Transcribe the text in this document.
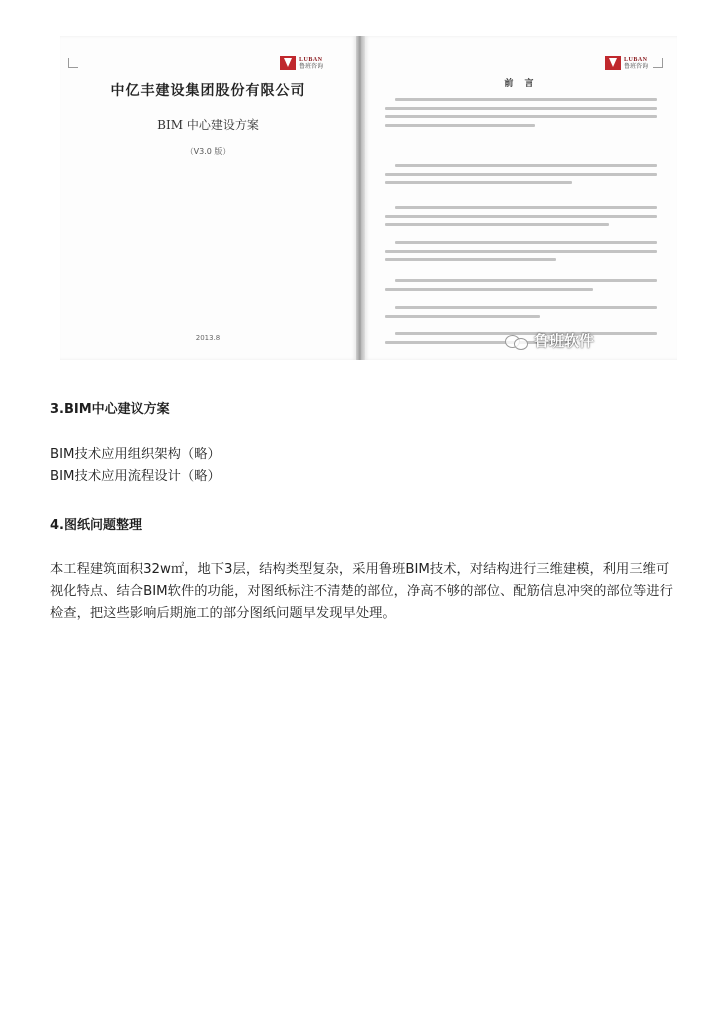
LUBAN
鲁班咨询
中亿丰建设集团股份有限公司
BIM 中心建设方案
（V3.0 版）
2013.8
LUBAN
鲁班咨询
前 言
鲁班软件
3.BIM中心建议方案
BIM技术应用组织架构（略）
BIM技术应用流程设计（略）
4.图纸问题整理
本工程建筑面积32w㎡，地下3层，结构类型复杂，采用鲁班BIM技术，对结构进行三维建模，利用三维可视化特点、结合BIM软件的功能，对图纸标注不清楚的部位，净高不够的部位、配筋信息冲突的部位等进行检查，把这些影响后期施工的部分图纸问题早发现早处理。
